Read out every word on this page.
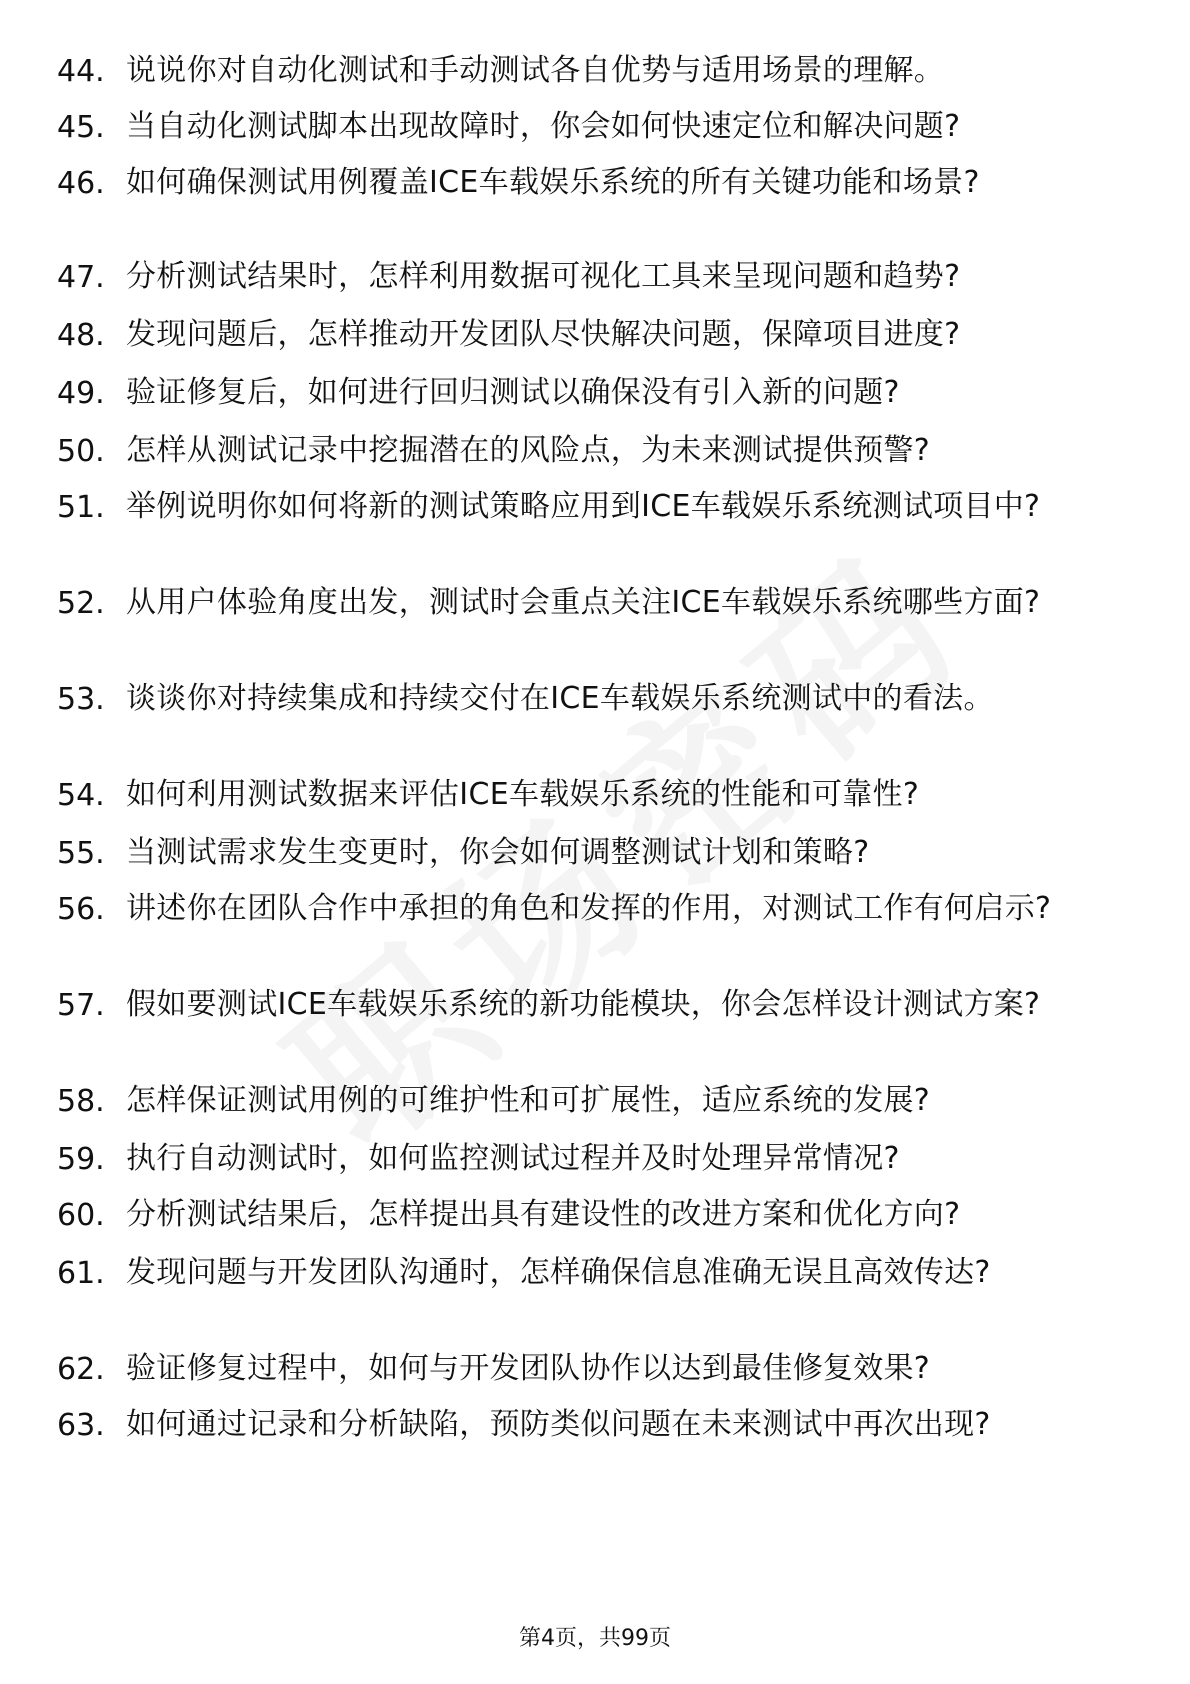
44. 说说你对自动化测试和手动测试各自优势与适用场景的理解。
45. 当自动化测试脚本出现故障时，你会如何快速定位和解决问题?
46. 如何确保测试用例覆盖ICE车载娱乐系统的所有关键功能和场景?
47. 分析测试结果时，怎样利用数据可视化工具来呈现问题和趋势?
48. 发现问题后，怎样推动开发团队尽快解决问题，保障项目进度?
49. 验证修复后，如何进行回归测试以确保没有引入新的问题?
50. 怎样从测试记录中挖掘潜在的风险点，为未来测试提供预警?
51. 举例说明你如何将新的测试策略应用到ICE车载娱乐系统测试项目中?
52. 从用户体验角度出发，测试时会重点关注ICE车载娱乐系统哪些方面?
53. 谈谈你对持续集成和持续交付在ICE车载娱乐系统测试中的看法。
54. 如何利用测试数据来评估ICE车载娱乐系统的性能和可靠性?
55. 当测试需求发生变更时，你会如何调整测试计划和策略?
56. 讲述你在团队合作中承担的角色和发挥的作用，对测试工作有何启示?
57. 假如要测试ICE车载娱乐系统的新功能模块，你会怎样设计测试方案?
58. 怎样保证测试用例的可维护性和可扩展性，适应系统的发展?
59. 执行自动测试时，如何监控测试过程并及时处理异常情况?
60. 分析测试结果后，怎样提出具有建设性的改进方案和优化方向?
61. 发现问题与开发团队沟通时，怎样确保信息准确无误且高效传达?
62. 验证修复过程中，如何与开发团队协作以达到最佳修复效果?
63. 如何通过记录和分析缺陷，预防类似问题在未来测试中再次出现?
第4页，共99页
